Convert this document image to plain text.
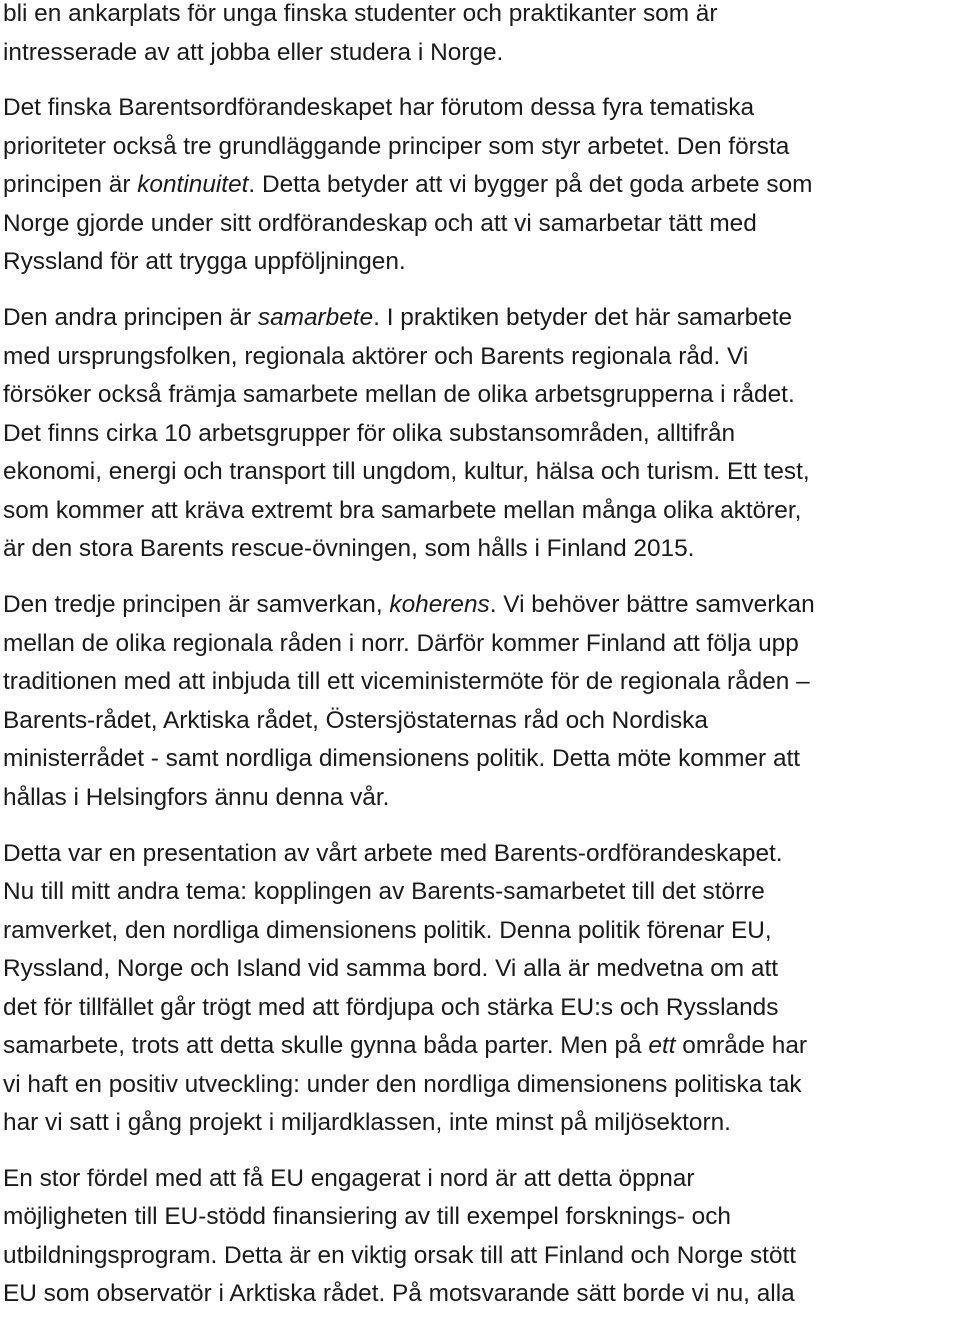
bli en ankarplats för unga finska studenter och praktikanter som är
intresserade av att jobba eller studera i Norge.

Det finska Barentsordförandeskapet har förutom dessa fyra tematiska
prioriteter också tre grundläggande principer som styr arbetet. Den första
principen är kontinuitet. Detta betyder att vi bygger på det goda arbete som
Norge gjorde under sitt ordförandeskap och att vi samarbetar tätt med
Ryssland för att trygga uppföljningen.

Den andra principen är samarbete. I praktiken betyder det här samarbete
med ursprungsfolken, regionala aktörer och Barents regionala råd. Vi
försöker också främja samarbete mellan de olika arbetsgrupperna i rådet.
Det finns cirka 10 arbetsgrupper för olika substansområden, alltifrån
ekonomi, energi och transport till ungdom, kultur, hälsa och turism. Ett test,
som kommer att kräva extremt bra samarbete mellan många olika aktörer,
är den stora Barents rescue-övningen, som hålls i Finland 2015.

Den tredje principen är samverkan, koherens. Vi behöver bättre samverkan
mellan de olika regionala råden i norr. Därför kommer Finland att följa upp
traditionen med att inbjuda till ett viceministermöte för de regionala råden –
Barents-rådet, Arktiska rådet, Östersjöstaternas råd och Nordiska
ministerrådet - samt nordliga dimensionens politik. Detta möte kommer att
hållas i Helsingfors ännu denna vår.

Detta var en presentation av vårt arbete med Barents-ordförandeskapet.
Nu till mitt andra tema: kopplingen av Barents-samarbetet till det större
ramverket, den nordliga dimensionens politik. Denna politik förenar EU,
Ryssland, Norge och Island vid samma bord. Vi alla är medvetna om att
det för tillfället går trögt med att fördjupa och stärka EU:s och Rysslands
samarbete, trots att detta skulle gynna båda parter. Men på ett område har
vi haft en positiv utveckling: under den nordliga dimensionens politiska tak
har vi satt i gång projekt i miljardklassen, inte minst på miljösektorn.

En stor fördel med att få EU engagerat i nord är att detta öppnar
möjligheten till EU-stödd finansiering av till exempel forsknings- och
utbildningsprogram. Detta är en viktig orsak till att Finland och Norge stött
EU som observatör i Arktiska rådet. På motsvarande sätt borde vi nu, alla
